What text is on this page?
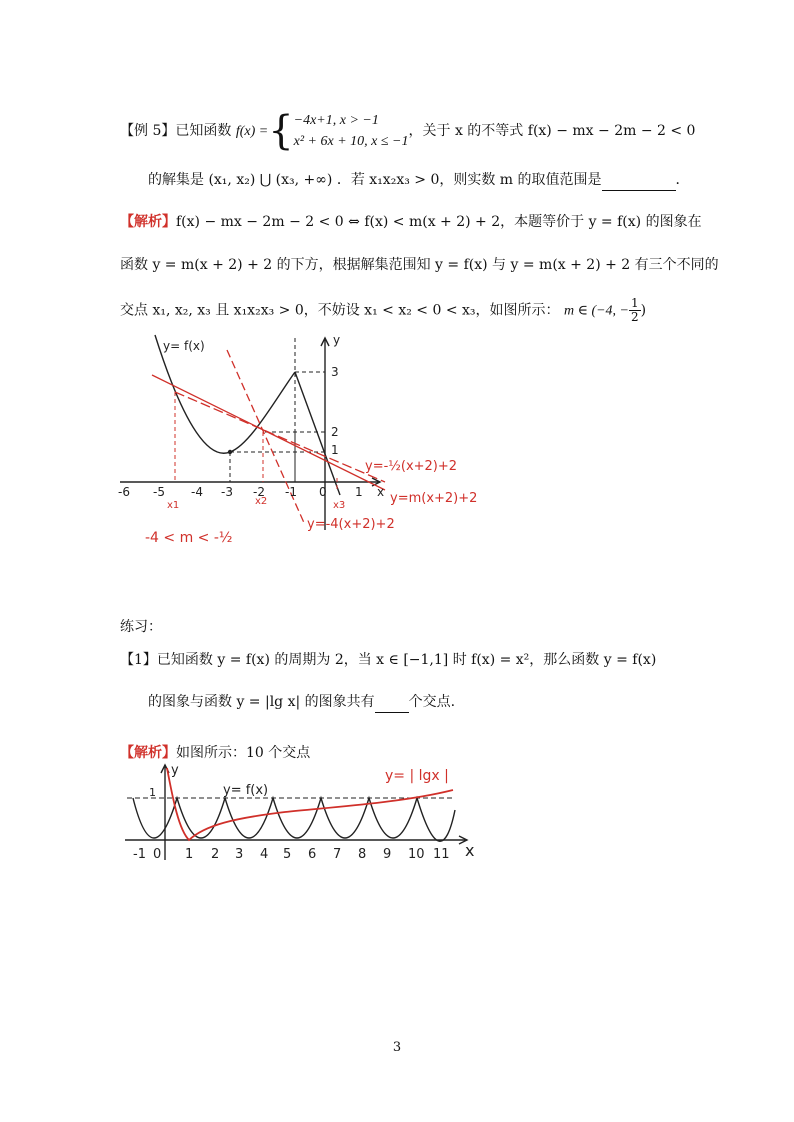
【例 5】已知函数 f(x) ={−4x+1, x > −1
x² + 6x + 10, x ≤ −1，关于 x 的不等式 f(x) − mx − 2m − 2 < 0
的解集是 (x₁, x₂) ⋃ (x₃, +∞) ．若 x₁x₂x₃ > 0，则实数 m 的取值范围是	．
【解析】f(x) − mx − 2m − 2 < 0 ⇔ f(x) < m(x + 2) + 2，本题等价于 y = f(x) 的图象在
函数 y = m(x + 2) + 2 的下方，根据解集范围知 y = f(x) 与 y = m(x + 2) + 2 有三个不同的
交点 x₁, x₂, x₃ 且 x₁x₂x₃ > 0，不妨设 x₁ < x₂ < 0 < x₃，如图所示： m ∈ (−4, − $\frac{1}{2}$ )
y= f(x)	y
x
-6 -5 -4 -3 -2 -1 0 1
3
2
1
x1	x2	x3
y=-½(x+2)+2
y=m(x+2)+2
y=-4(x+2)+2
-4 < m < -½
练习：
【1】已知函数 y = f(x) 的周期为 2，当 x ∈ [−1,1] 时 f(x) = x²，那么函数 y = f(x)
的图象与函数 y = |lg x| 的图象共有 个交点.
【解析】如图所示：10 个交点
y
x
1	y= f(x)
-1 0 1 2 3 4 5 6 7 8 9 10 11
y= | lgx |
3
